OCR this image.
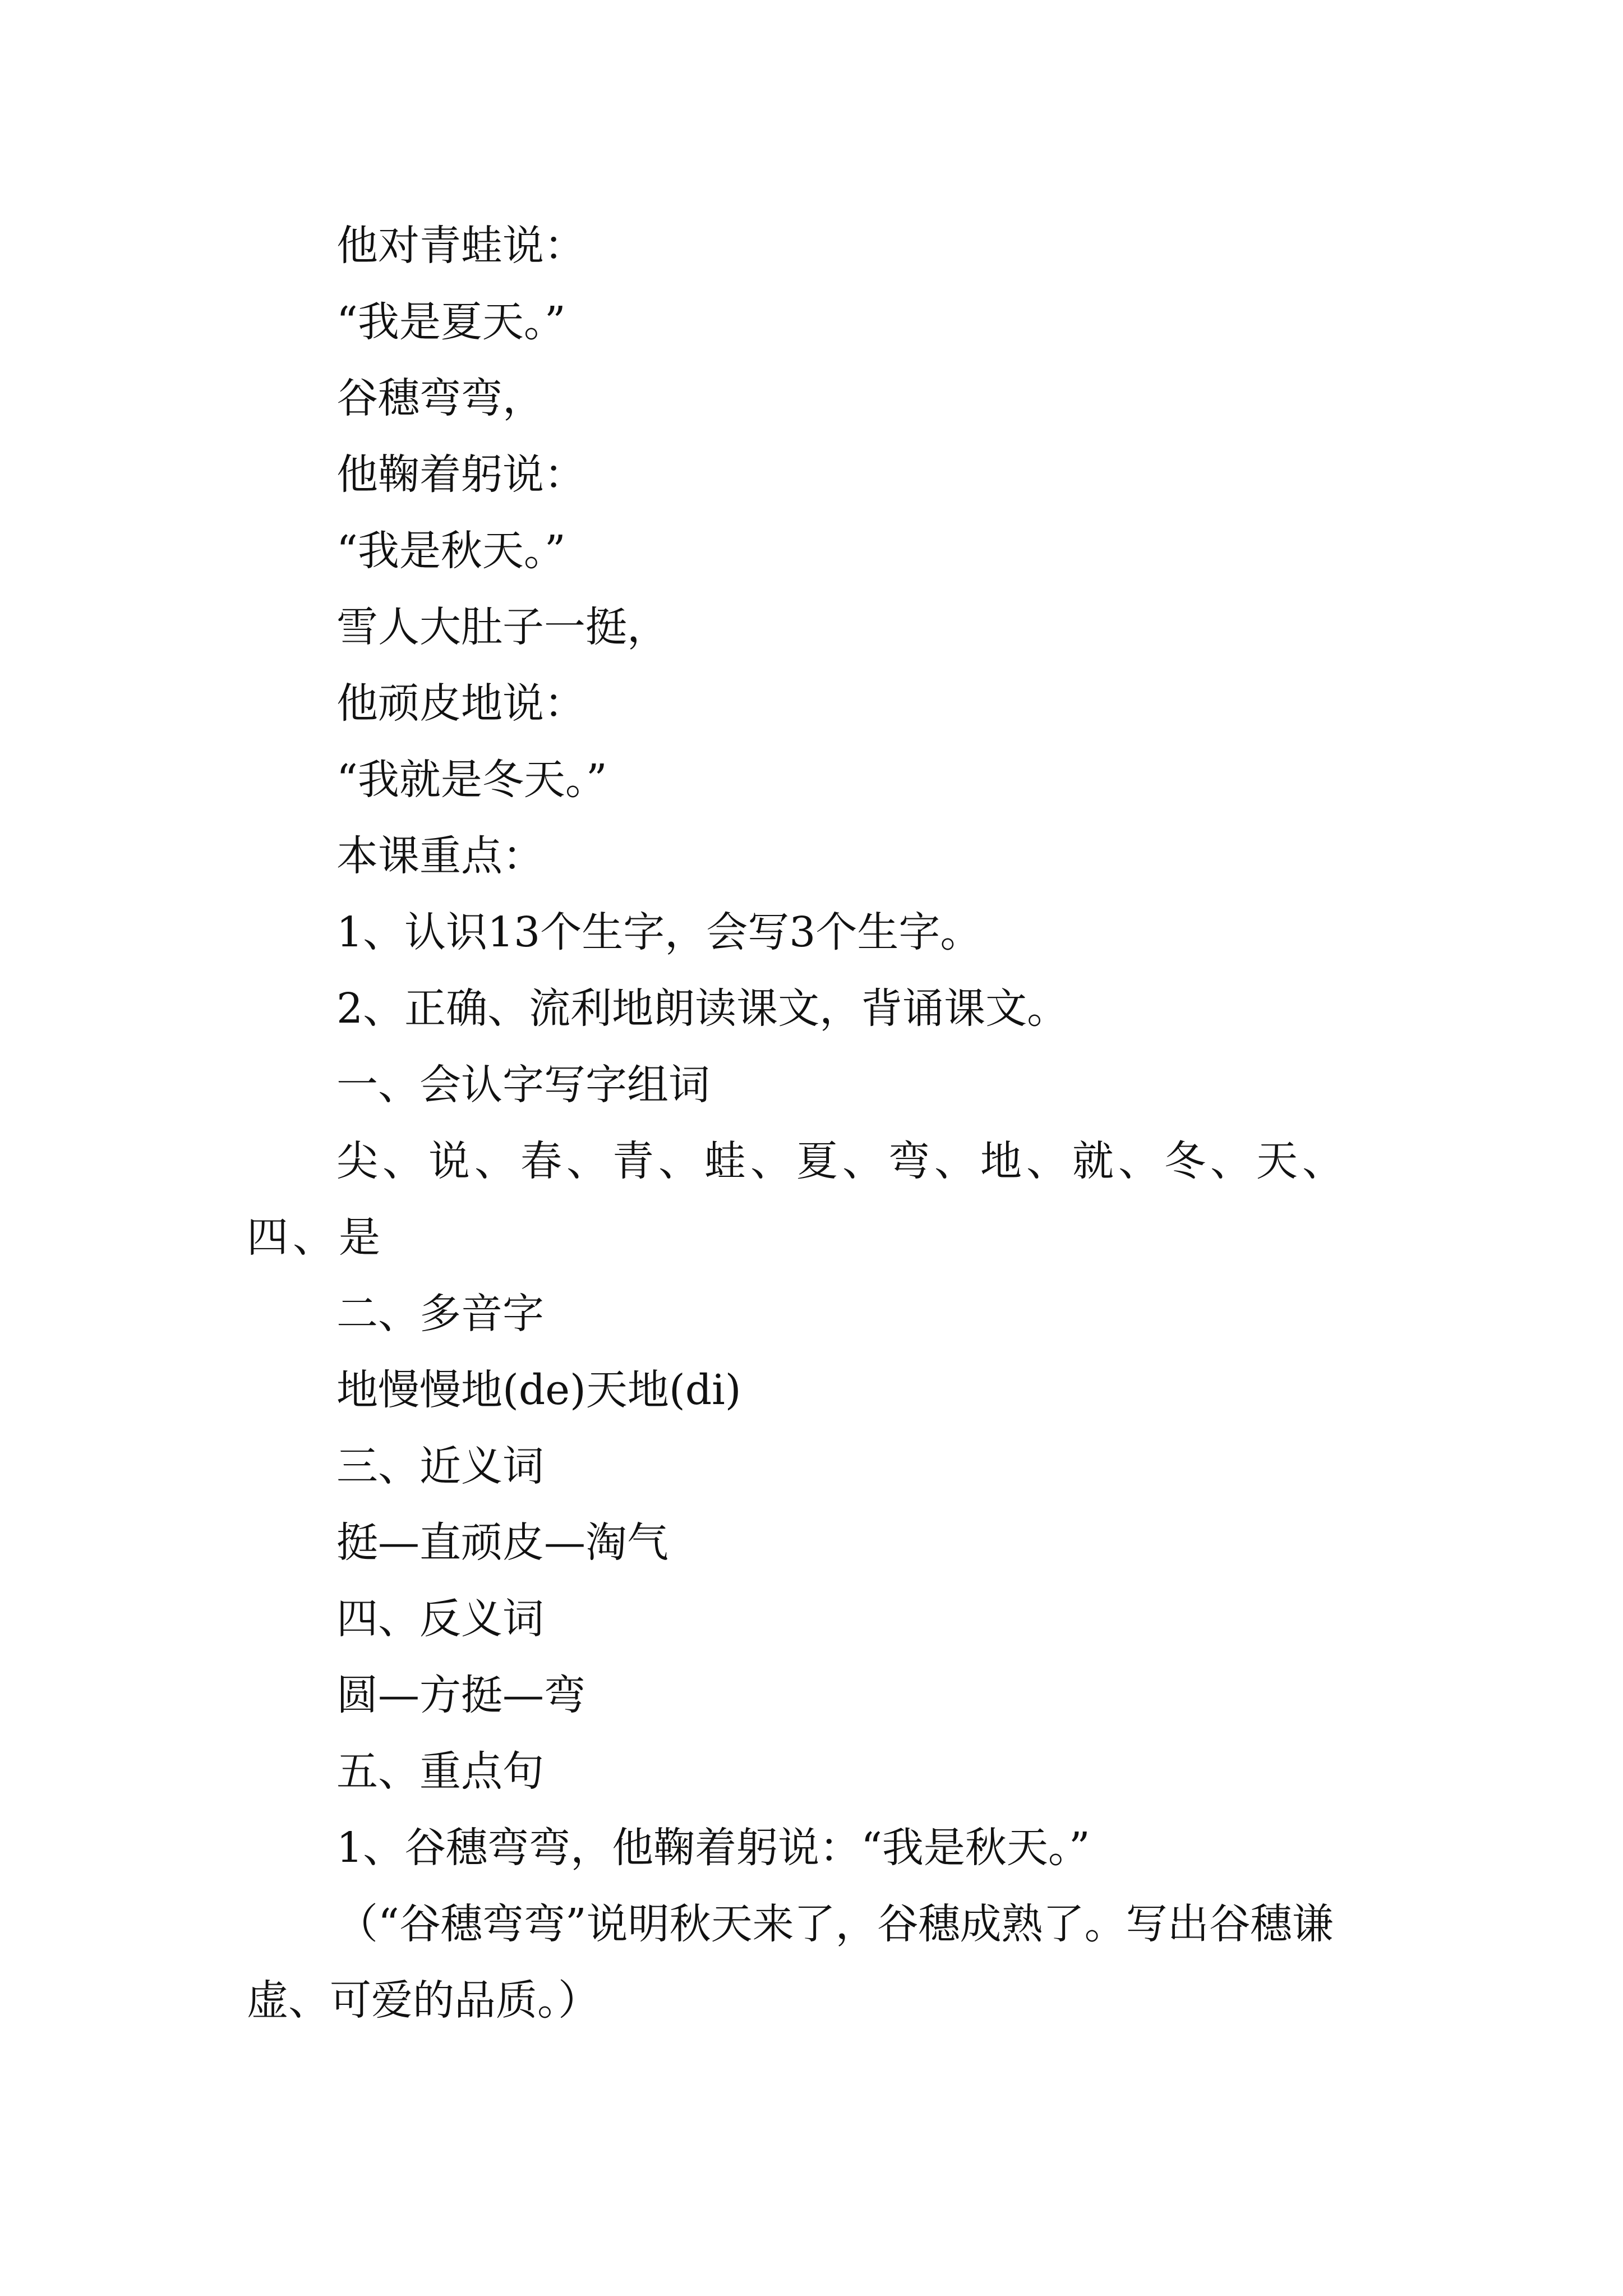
他对青蛙说：

“我是夏天。”

谷穗弯弯，

他鞠着躬说：

“我是秋天。”

雪人大肚子一挺，

他顽皮地说：

“我就是冬天。”

本课重点：

1、认识13个生字，会写3个生字。

2、正确、流利地朗读课文，背诵课文。

一、会认字写字组词

尖、说、春、青、蛙、夏、弯、地、就、冬、天、四、是

二、多音字

地慢慢地(de)天地(di)

三、近义词

挺—直顽皮—淘气

四、反义词

圆—方挺—弯

五、重点句

1、谷穗弯弯，他鞠着躬说：“我是秋天。”

（“谷穗弯弯”说明秋天来了，谷穗成熟了。写出谷穗谦虚、可爱的品质。）
